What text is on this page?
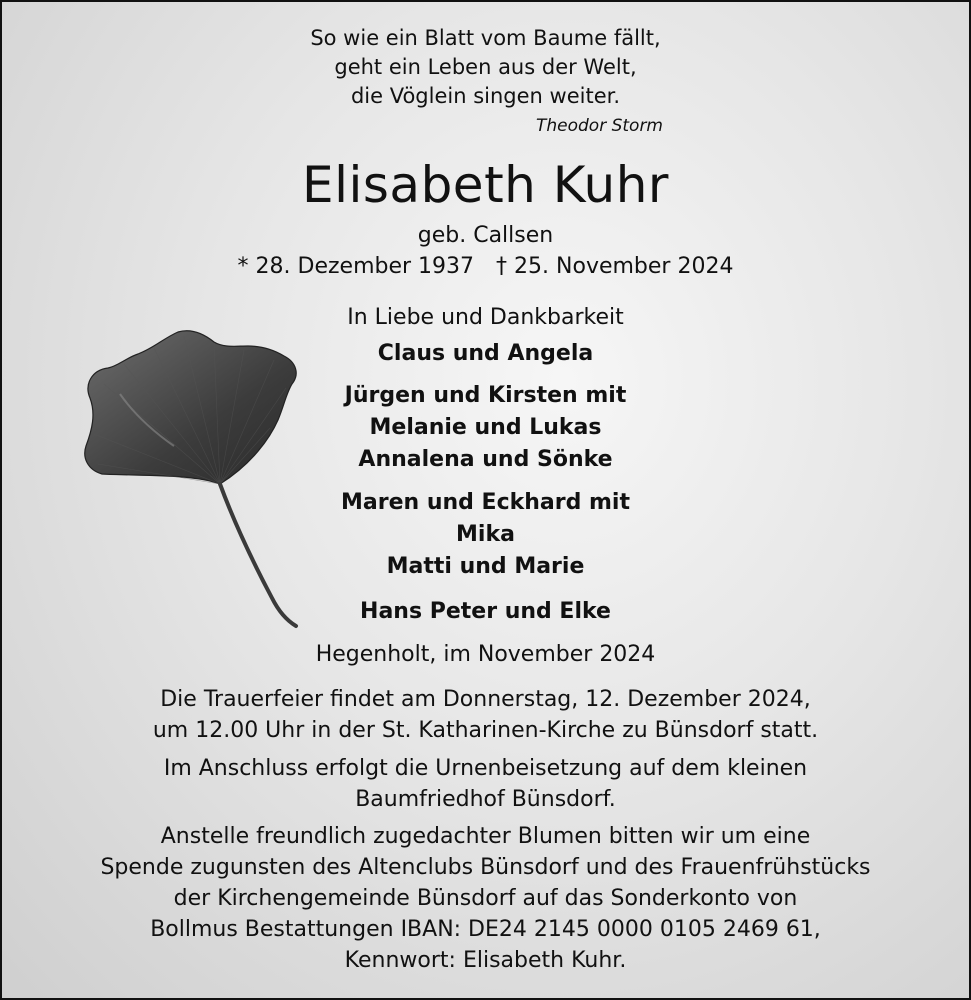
So wie ein Blatt vom Baume fällt,
geht ein Leben aus der Welt,
die Vöglein singen weiter.
Theodor Storm
Elisabeth Kuhr
geb. Callsen
* 28. Dezember 1937 † 25. November 2024
In Liebe und Dankbarkeit
Claus und Angela
Jürgen und Kirsten mit
Melanie und Lukas
Annalena und Sönke
Maren und Eckhard mit
Mika
Matti und Marie
Hans Peter und Elke
Hegenholt, im November 2024
Die Trauerfeier findet am Donnerstag, 12. Dezember 2024,
um 12.00 Uhr in der St. Katharinen-Kirche zu Bünsdorf statt.
Im Anschluss erfolgt die Urnenbeisetzung auf dem kleinen
Baumfriedhof Bünsdorf.
Anstelle freundlich zugedachter Blumen bitten wir um eine
Spende zugunsten des Altenclubs Bünsdorf und des Frauenfrühstücks
der Kirchengemeinde Bünsdorf auf das Sonderkonto von
Bollmus Bestattungen IBAN: DE24 2145 0000 0105 2469 61,
Kennwort: Elisabeth Kuhr.
